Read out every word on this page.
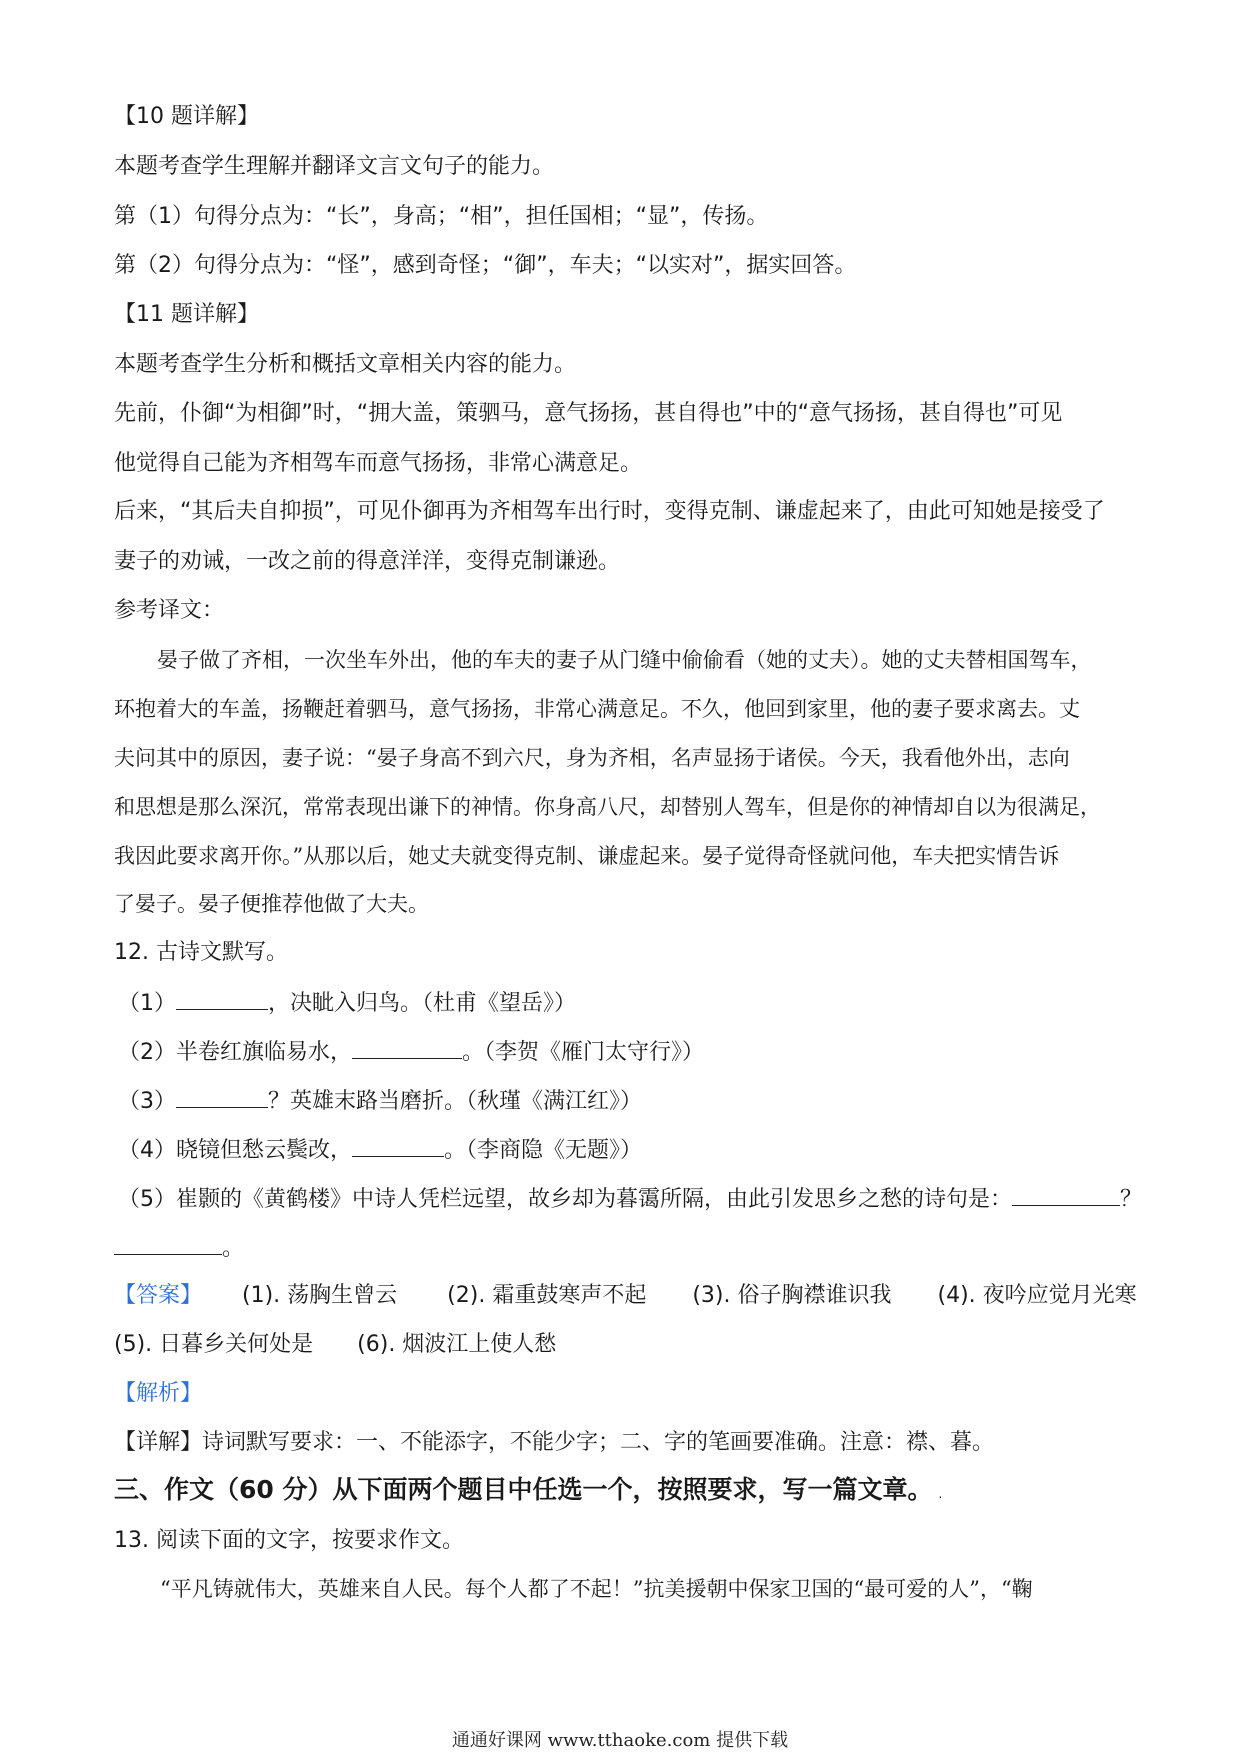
【10 题详解】
本题考查学生理解并翻译文言文句子的能力。
第（1）句得分点为：“长”，身高；“相”，担任国相；“显”，传扬。
第（2）句得分点为：“怪”，感到奇怪；“御”，车夫；“以实对”，据实回答。
【11 题详解】
本题考查学生分析和概括文章相关内容的能力。
先前，仆御“为相御”时，“拥大盖，策驷马，意气扬扬，甚自得也”中的“意气扬扬，甚自得也”可见
他觉得自己能为齐相驾车而意气扬扬，非常心满意足。
后来，“其后夫自抑损”，可见仆御再为齐相驾车出行时，变得克制、谦虚起来了，由此可知她是接受了
妻子的劝诫，一改之前的得意洋洋，变得克制谦逊。
参考译文：
晏子做了齐相，一次坐车外出，他的车夫的妻子从门缝中偷偷看（她的丈夫）。她的丈夫替相国驾车，
环抱着大的车盖，扬鞭赶着驷马，意气扬扬，非常心满意足。不久，他回到家里，他的妻子要求离去。丈
夫问其中的原因，妻子说：“晏子身高不到六尺，身为齐相，名声显扬于诸侯。今天，我看他外出，志向
和思想是那么深沉，常常表现出谦下的神情。你身高八尺，却替别人驾车，但是你的神情却自以为很满足，
我因此要求离开你。”从那以后，她丈夫就变得克制、谦虚起来。晏子觉得奇怪就问他，车夫把实情告诉
了晏子。晏子便推荐他做了大夫。
12. 古诗文默写。
（1）	，决眦入归鸟。（杜甫《望岳》）
（2）半卷红旗临易水，	。（李贺《雁门太守行》）
（3）	？英雄末路当磨折。（秋瑾《满江红》）
（4）晓镜但愁云鬓改，	。（李商隐《无题》）
（5）崔颢的《黄鹤楼》中诗人凭栏远望，故乡却为暮霭所隔，由此引发思乡之愁的诗句是：	？
。
【答案】 (1). 荡胸生曾云 (2). 霜重鼓寒声不起 (3). 俗子胸襟谁识我 (4). 夜吟应觉月光寒
(5). 日暮乡关何处是 (6). 烟波江上使人愁
【解析】
【详解】诗词默写要求：一、不能添字，不能少字；二、字的笔画要准确。注意：襟、暮。
三、作文（60 分）从下面两个题目中任选一个，按照要求，写一篇文章。 .
13. 阅读下面的文字，按要求作文。
“平凡铸就伟大，英雄来自人民。每个人都了不起！”抗美援朝中保家卫国的“最可爱的人”，“鞠
通通好课网 www.tthaoke.com 提供下载
